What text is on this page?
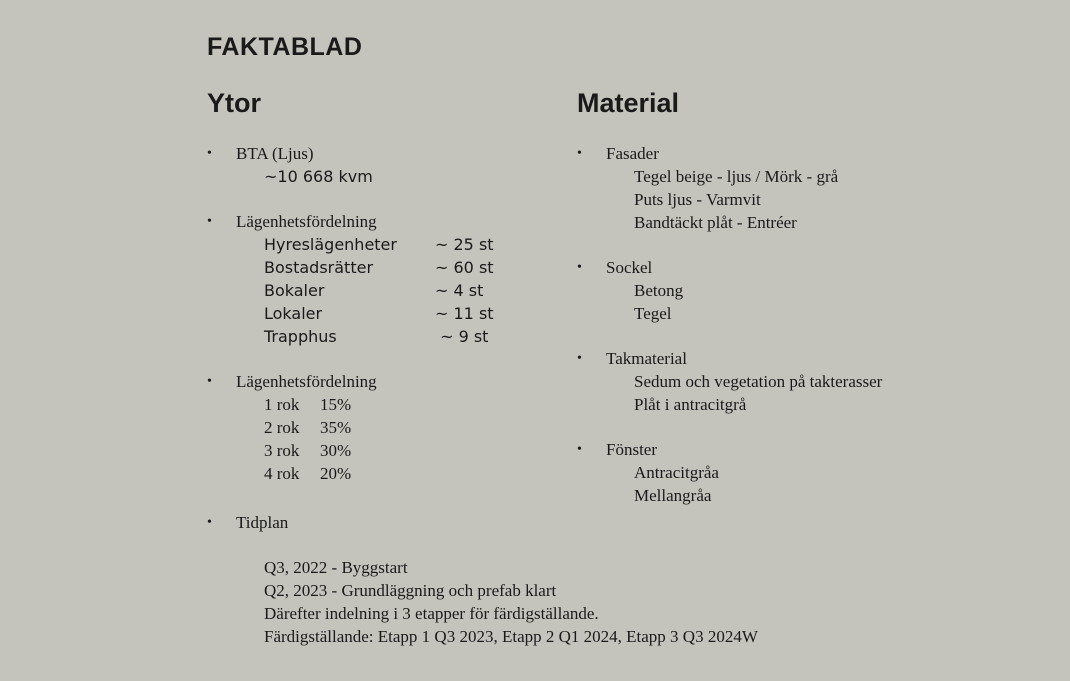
FAKTABLAD
Ytor	Material
• BTA (Ljus)
~10 668 kvm
• Lägenhetsfördelning
Hyreslägenheter	~ 25 st
Bostadsrätter	~ 60 st
Bokaler	~ 4 st
Lokaler	~ 11 st
Trapphus	~ 9 st
• Lägenhetsfördelning
1 rok	15%
2 rok	35%
3 rok	30%
4 rok	20%
• Tidplan
Q3, 2022 - Byggstart
Q2, 2023 - Grundläggning och prefab klart
Därefter indelning i 3 etapper för färdigställande.
Färdigställande: Etapp 1 Q3 2023, Etapp 2 Q1 2024, Etapp 3 Q3 2024W
• Fasader
Tegel beige - ljus / Mörk - grå
Puts ljus - Varmvit
Bandtäckt plåt - Entréer
• Sockel
Betong
Tegel
• Takmaterial
Sedum och vegetation på takterasser
Plåt i antracitgrå
• Fönster
Antracitgråa
Mellangråa
